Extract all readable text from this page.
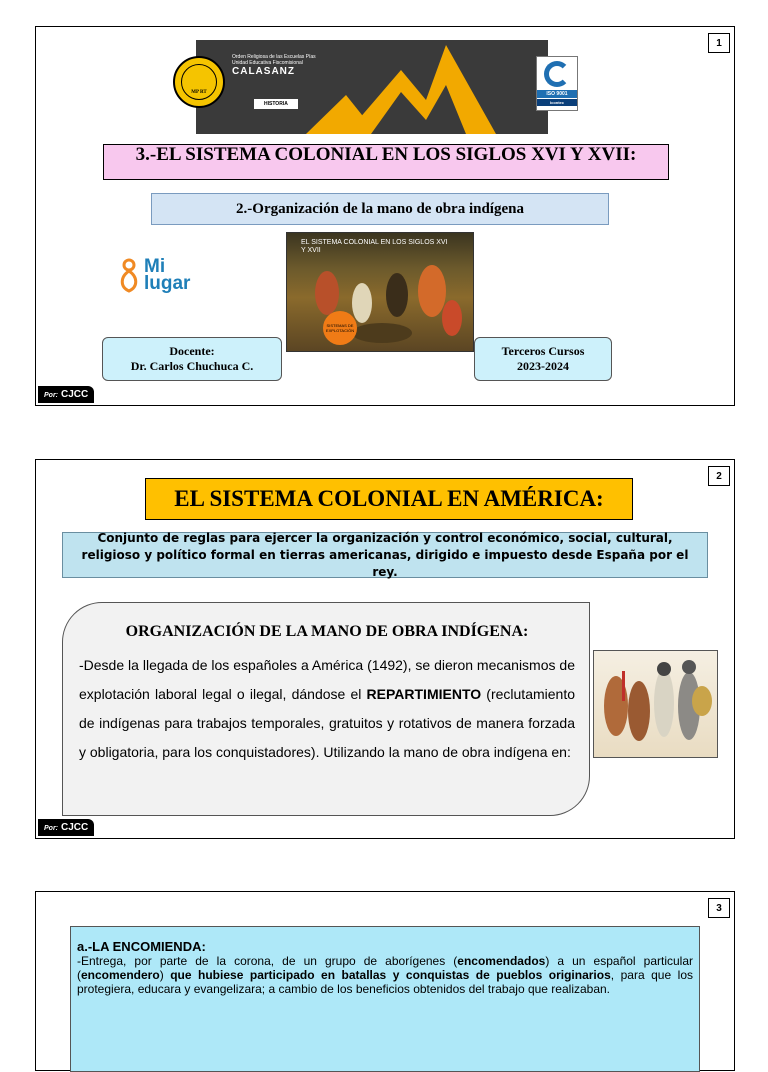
1
Orden Religiosa de las Escuelas Pías Unidad Educativa Fiscomisional
CALASANZ
HISTORIA
MP RT	ISO 9001
Icontec
3.-EL SISTEMA COLONIAL EN LOS SIGLOS XVI Y XVII:
2.-Organización de la mano de obra indígena
Mi
lugar
EL SISTEMA COLONIAL EN LOS SIGLOS XVI Y XVII
SISTEMAS DE EXPLOTACIÓN
Docente:
Dr. Carlos Chuchuca C.
Terceros Cursos
2023-2024
Por: CJCC
2
EL SISTEMA COLONIAL EN AMÉRICA:
Conjunto de reglas para ejercer la organización y control económico, social, cultural, religioso y político formal en tierras americanas, dirigido e impuesto desde España por el rey.
ORGANIZACIÓN DE LA MANO DE OBRA INDÍGENA:

-Desde la llegada de los españoles a América (1492), se dieron mecanismos de explotación laboral legal o ilegal, dándose el REPARTIMIENTO (reclutamiento de indígenas para trabajos temporales, gratuitos y rotativos de manera forzada y obligatoria, para los conquistadores). Utilizando la mano de obra indígena en:

Por: CJCC
3
a.-LA ENCOMIENDA:
-Entrega, por parte de la corona, de un grupo de aborígenes (encomendados) a un español particular (encomendero) que hubiese participado en batallas y conquistas de pueblos originarios, para que los protegiera, educara y evangelizara; a cambio de los beneficios obtenidos del trabajo que realizaban.
